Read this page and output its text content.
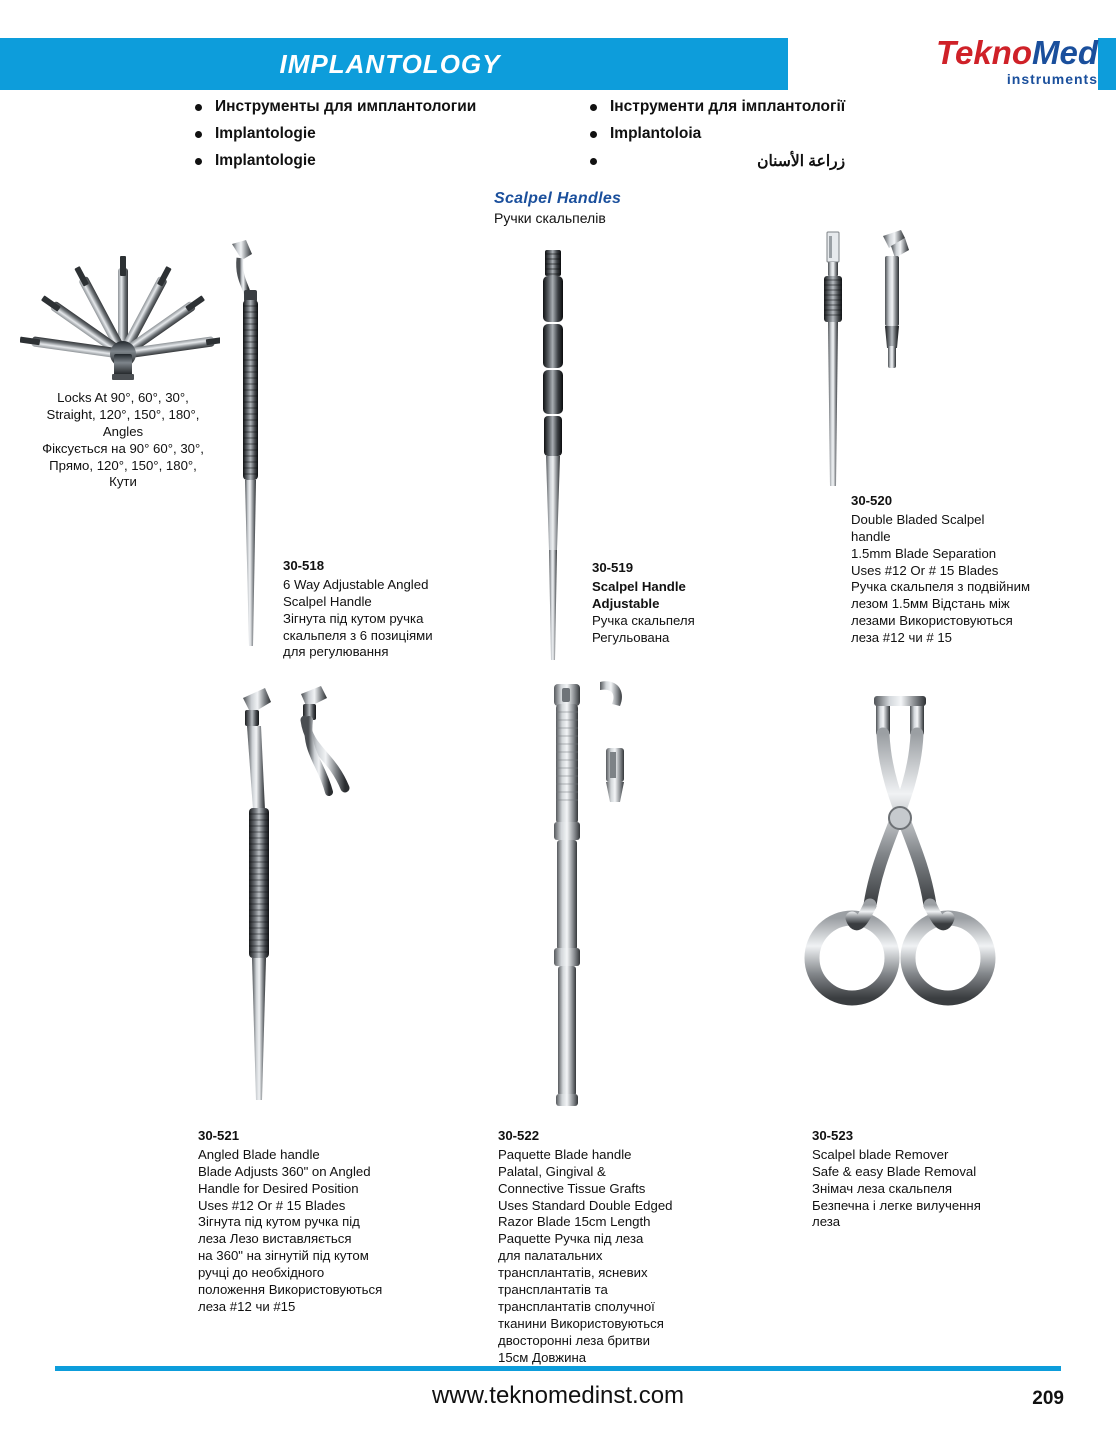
IMPLANTOLOGY	TeknoMed
instruments
Инструменты для имплантологии
Implantologie
Implantologie
Інструменти для імплантології
Implantoloia
زراعة الأسنان
Scalpel Handles
Ручки скальпелів

Locks At 90°, 60°, 30°,

Straight, 120°, 150°, 180°,

Angles

Фіксується на 90° 60°, 30°,

Прямо, 120°, 150°, 180°,

Кути

30-518

6 Way Adjustable Angled

Scalpel Handle

Зігнута під кутом ручка

скальпеля з 6 позиціями

для регулювання

30-519

Scalpel Handle

Adjustable

Ручка скальпеля

Регульована

30-520

Double Bladed Scalpel

handle

1.5mm Blade Separation

Uses #12 Or # 15 Blades

Ручка скальпеля з подвійним

лезом 1.5мм Відстань між

лезами Використовуються

леза #12 чи # 15

30-521

Angled Blade handle

Blade Adjusts 360" on Angled

Handle for Desired Position

Uses #12 Or # 15 Blades

Зігнута під кутом ручка під

леза Лезо виставляється

на 360" на зігнутій під кутом

ручці до необхідного

положення Використовуються

леза #12 чи #15

30-522

Paquette Blade handle

Palatal, Gingival &

Connective Tissue Grafts

Uses Standard Double Edged

Razor Blade 15cm Length

Paquette Ручка під леза

для палатальних

трансплантатів, ясневих

трансплантатів та

трансплантатів сполучної

тканини Використовуються

двосторонні леза бритви

15см Довжина

30-523

Scalpel blade Remover

Safe & easy Blade Removal

Знімач леза скальпеля

Безпечна і легке вилучення

леза

www.teknomedinst.com	209
